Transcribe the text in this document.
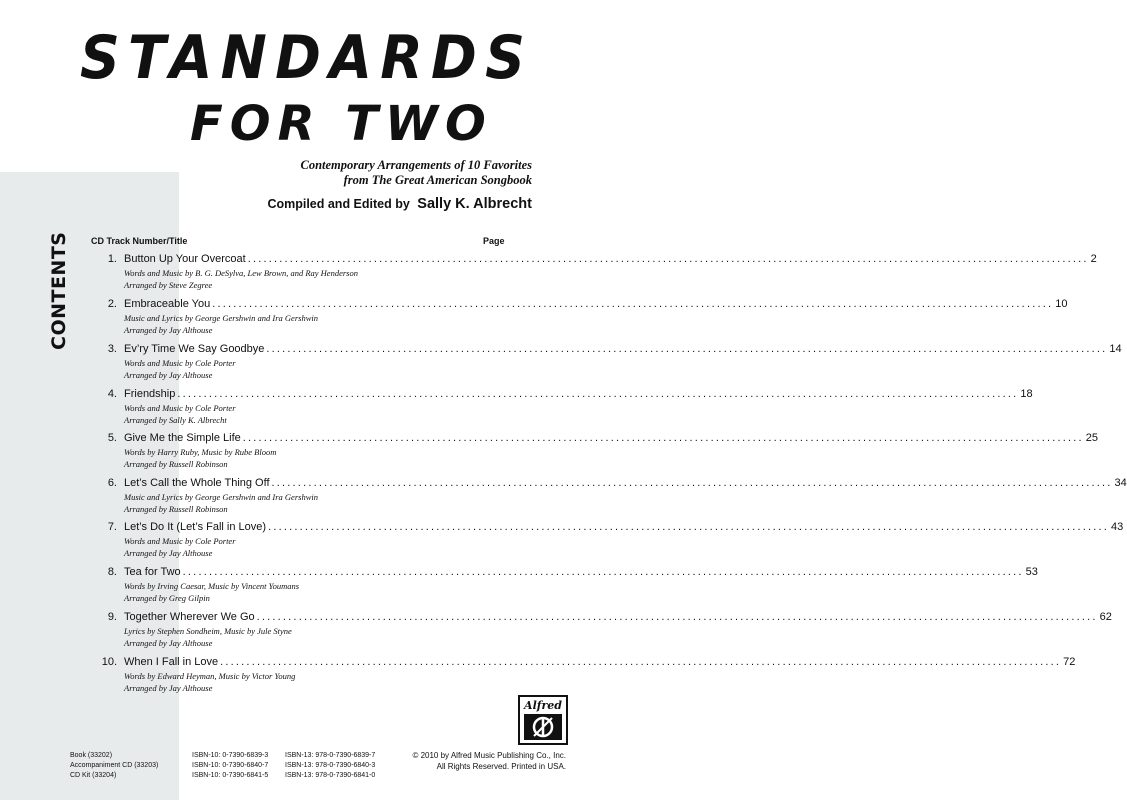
STANDARDS
FOR TWO
Contemporary Arrangements of 10 Favorites
from The Great American Songbook
Compiled and Edited by Sally K. Albrecht
CONTENTS CD Track Number/Title	Page
1. Button Up Your Overcoat ................................................................................................................................................................ 2
Words and Music by B. G. DeSylva, Lew Brown, and Ray Henderson
Arranged by Steve Zegree
2. Embraceable You ................................................................................................................................................................ 10
Music and Lyrics by George Gershwin and Ira Gershwin
Arranged by Jay Althouse
3. Ev’ry Time We Say Goodbye ................................................................................................................................................................ 14
Words and Music by Cole Porter
Arranged by Jay Althouse
4. Friendship ................................................................................................................................................................ 18
Words and Music by Cole Porter
Arranged by Sally K. Albrecht
5. Give Me the Simple Life ................................................................................................................................................................ 25
Words by Harry Ruby, Music by Rube Bloom
Arranged by Russell Robinson
6. Let’s Call the Whole Thing Off ................................................................................................................................................................ 34
Music and Lyrics by George Gershwin and Ira Gershwin
Arranged by Russell Robinson
7. Let’s Do It (Let’s Fall in Love) ................................................................................................................................................................ 43
Words and Music by Cole Porter
Arranged by Jay Althouse
8. Tea for Two ................................................................................................................................................................ 53
Words by Irving Caesar, Music by Vincent Youmans
Arranged by Greg Gilpin
9. Together Wherever We Go ................................................................................................................................................................ 62
Lyrics by Stephen Sondheim, Music by Jule Styne
Arranged by Jay Althouse
10. When I Fall in Love ................................................................................................................................................................ 72
Words by Edward Heyman, Music by Victor Young
Arranged by Jay Althouse
Alfred
Book (33202)
Accompaniment CD (33203)
CD Kit (33204)
ISBN-10: 0-7390-6839-3
ISBN-10: 0-7390-6840-7
ISBN-10: 0-7390-6841-5
ISBN-13: 978-0-7390-6839-7
ISBN-13: 978-0-7390-6840-3
ISBN-13: 978-0-7390-6841-0
© 2010 by Alfred Music Publishing Co., Inc.
All Rights Reserved. Printed in USA.
